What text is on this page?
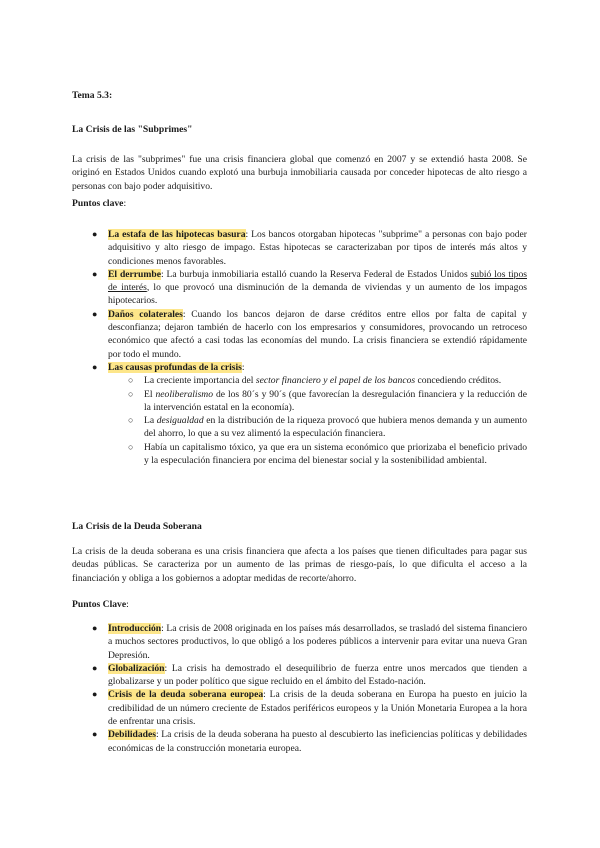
Tema 5.3:
La Crisis de las "Subprimes"
La crisis de las "subprimes" fue una crisis financiera global que comenzó en 2007 y se extendió hasta 2008. Se originó en Estados Unidos cuando explotó una burbuja inmobiliaria causada por conceder hipotecas de alto riesgo a personas con bajo poder adquisitivo.
Puntos clave:
● La estafa de las hipotecas basura: Los bancos otorgaban hipotecas "subprime" a personas con bajo poder adquisitivo y alto riesgo de impago. Estas hipotecas se caracterizaban por tipos de interés más altos y condiciones menos favorables.
● El derrumbe: La burbuja inmobiliaria estalló cuando la Reserva Federal de Estados Unidos subió los tipos de interés, lo que provocó una disminución de la demanda de viviendas y un aumento de los impagos hipotecarios.
● Daños colaterales: Cuando los bancos dejaron de darse créditos entre ellos por falta de capital y desconfianza; dejaron también de hacerlo con los empresarios y consumidores, provocando un retroceso económico que afectó a casi todas las economías del mundo. La crisis financiera se extendió rápidamente por todo el mundo.
● Las causas profundas de la crisis:
○ La creciente importancia del sector financiero y el papel de los bancos concediendo créditos.
○ El neoliberalismo de los 80´s y 90´s (que favorecían la desregulación financiera y la reducción de la intervención estatal en la economía).
○ La desigualdad en la distribución de la riqueza provocó que hubiera menos demanda y un aumento del ahorro, lo que a su vez alimentó la especulación financiera.
○ Había un capitalismo tóxico, ya que era un sistema económico que priorizaba el beneficio privado y la especulación financiera por encima del bienestar social y la sostenibilidad ambiental.
La Crisis de la Deuda Soberana
La crisis de la deuda soberana es una crisis financiera que afecta a los países que tienen dificultades para pagar sus deudas públicas. Se caracteriza por un aumento de las primas de riesgo-país, lo que dificulta el acceso a la financiación y obliga a los gobiernos a adoptar medidas de recorte/ahorro.
Puntos Clave:
● Introducción: La crisis de 2008 originada en los países más desarrollados, se trasladó del sistema financiero a muchos sectores productivos, lo que obligó a los poderes públicos a intervenir para evitar una nueva Gran Depresión.
● Globalización: La crisis ha demostrado el desequilibrio de fuerza entre unos mercados que tienden a globalizarse y un poder político que sigue recluido en el ámbito del Estado-nación.
● Crisis de la deuda soberana europea: La crisis de la deuda soberana en Europa ha puesto en juicio la credibilidad de un número creciente de Estados periféricos europeos y la Unión Monetaria Europea a la hora de enfrentar una crisis.
● Debilidades: La crisis de la deuda soberana ha puesto al descubierto las ineficiencias políticas y debilidades económicas de la construcción monetaria europea.
